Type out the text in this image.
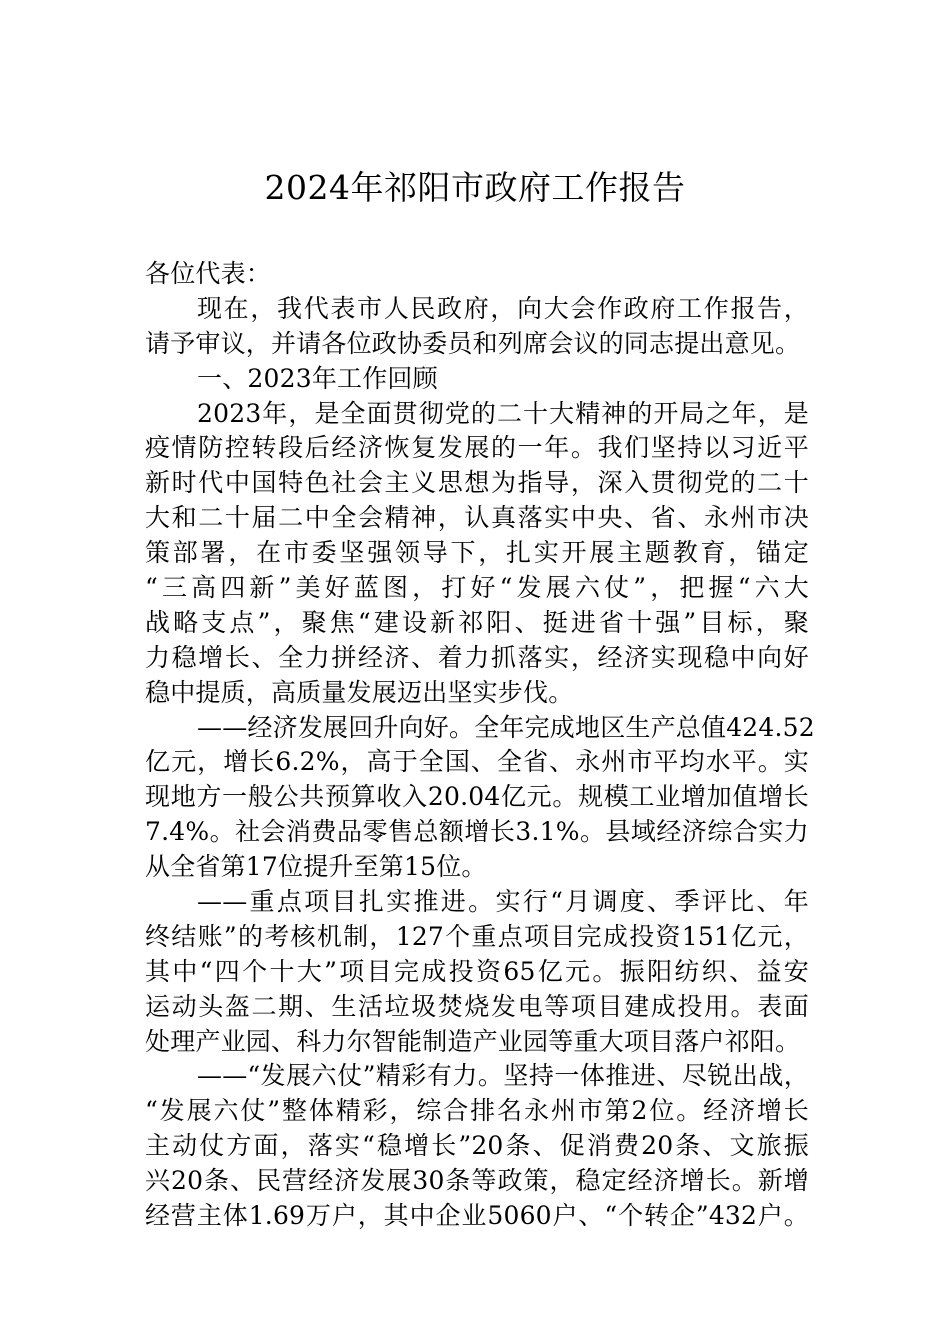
2024年祁阳市政府工作报告
各位代表：
现在，我代表市人民政府，向大会作政府工作报告，
请予审议，并请各位政协委员和列席会议的同志提出意见。
一、2023年工作回顾
2023年，是全面贯彻党的二十大精神的开局之年，是
疫情防控转段后经济恢复发展的一年。我们坚持以习近平
新时代中国特色社会主义思想为指导，深入贯彻党的二十
大和二十届二中全会精神，认真落实中央、省、永州市决
策部署，在市委坚强领导下，扎实开展主题教育，锚定
“三高四新”美好蓝图，打好“发展六仗”，把握“六大
战略支点”，聚焦“建设新祁阳、挺进省十强”目标，聚
力稳增长、全力拼经济、着力抓落实，经济实现稳中向好
稳中提质，高质量发展迈出坚实步伐。
——经济发展回升向好。全年完成地区生产总值424.52
亿元，增长6.2%，高于全国、全省、永州市平均水平。实
现地方一般公共预算收入20.04亿元。规模工业增加值增长
7.4%。社会消费品零售总额增长3.1%。县域经济综合实力
从全省第17位提升至第15位。
——重点项目扎实推进。实行“月调度、季评比、年
终结账”的考核机制，127个重点项目完成投资151亿元，
其中“四个十大”项目完成投资65亿元。振阳纺织、益安
运动头盔二期、生活垃圾焚烧发电等项目建成投用。表面
处理产业园、科力尔智能制造产业园等重大项目落户祁阳。
——“发展六仗”精彩有力。坚持一体推进、尽锐出战，
“发展六仗”整体精彩，综合排名永州市第2位。经济增长
主动仗方面，落实“稳增长”20条、促消费20条、文旅振
兴20条、民营经济发展30条等政策，稳定经济增长。新增
经营主体1.69万户，其中企业5060户、“个转企”432户。
